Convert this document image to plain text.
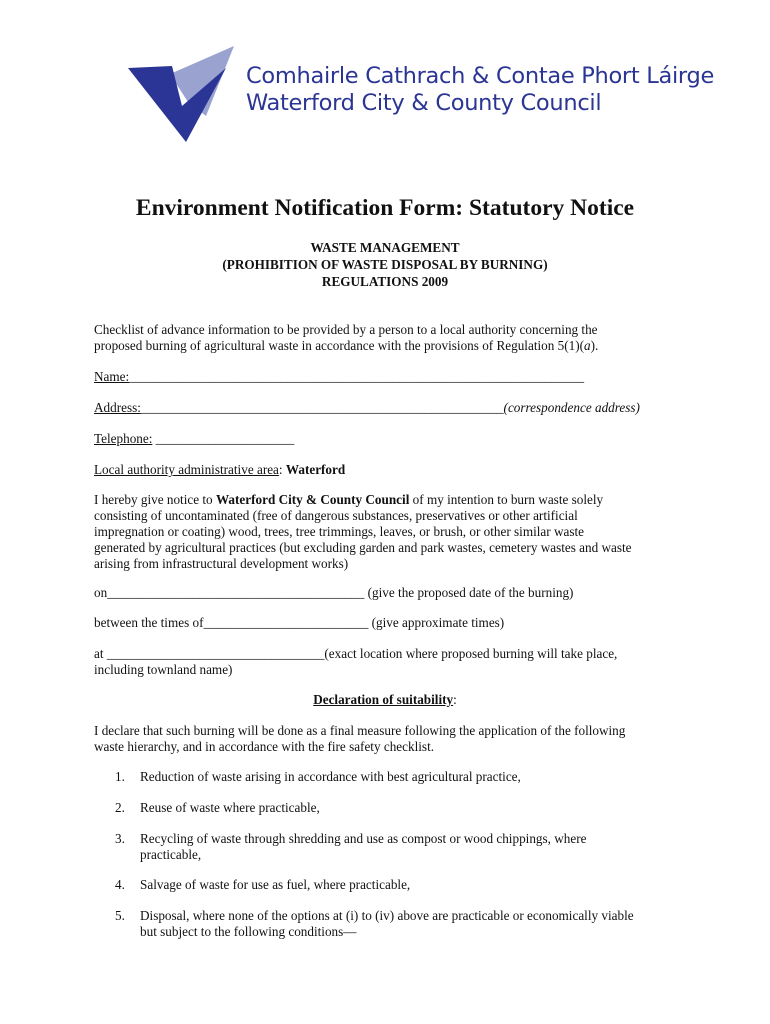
Comhairle Cathrach & Contae Phort Láirge
Waterford City & County Council
Environment Notification Form: Statutory Notice
WASTE MANAGEMENT
(PROHIBITION OF WASTE DISPOSAL BY BURNING)
REGULATIONS 2009
Checklist of advance information to be provided by a person to a local authority concerning the
proposed burning of agricultural waste in accordance with the provisions of Regulation 5(1)(a).
Name:_____________________________________________________________________
Address:_______________________________________________________(correspondence address)
Telephone: _____________________
Local authority administrative area: Waterford
I hereby give notice to Waterford City & County Council of my intention to burn waste solely
consisting of uncontaminated (free of dangerous substances, preservatives or other artificial
impregnation or coating) wood, trees, tree trimmings, leaves, or brush, or other similar waste
generated by agricultural practices (but excluding garden and park wastes, cemetery wastes and waste
arising from infrastructural development works)
on_______________________________________ (give the proposed date of the burning)
between the times of_________________________ (give approximate times)
at _________________________________(exact location where proposed burning will take place,
including townland name)
Declaration of suitability:
I declare that such burning will be done as a final measure following the application of the following
waste hierarchy, and in accordance with the fire safety checklist.
1.	Reduction of waste arising in accordance with best agricultural practice,
2.	Reuse of waste where practicable,
3.	Recycling of waste through shredding and use as compost or wood chippings, where
practicable,
4.	Salvage of waste for use as fuel, where practicable,
5.	Disposal, where none of the options at (i) to (iv) above are practicable or economically viable
but subject to the following conditions—
